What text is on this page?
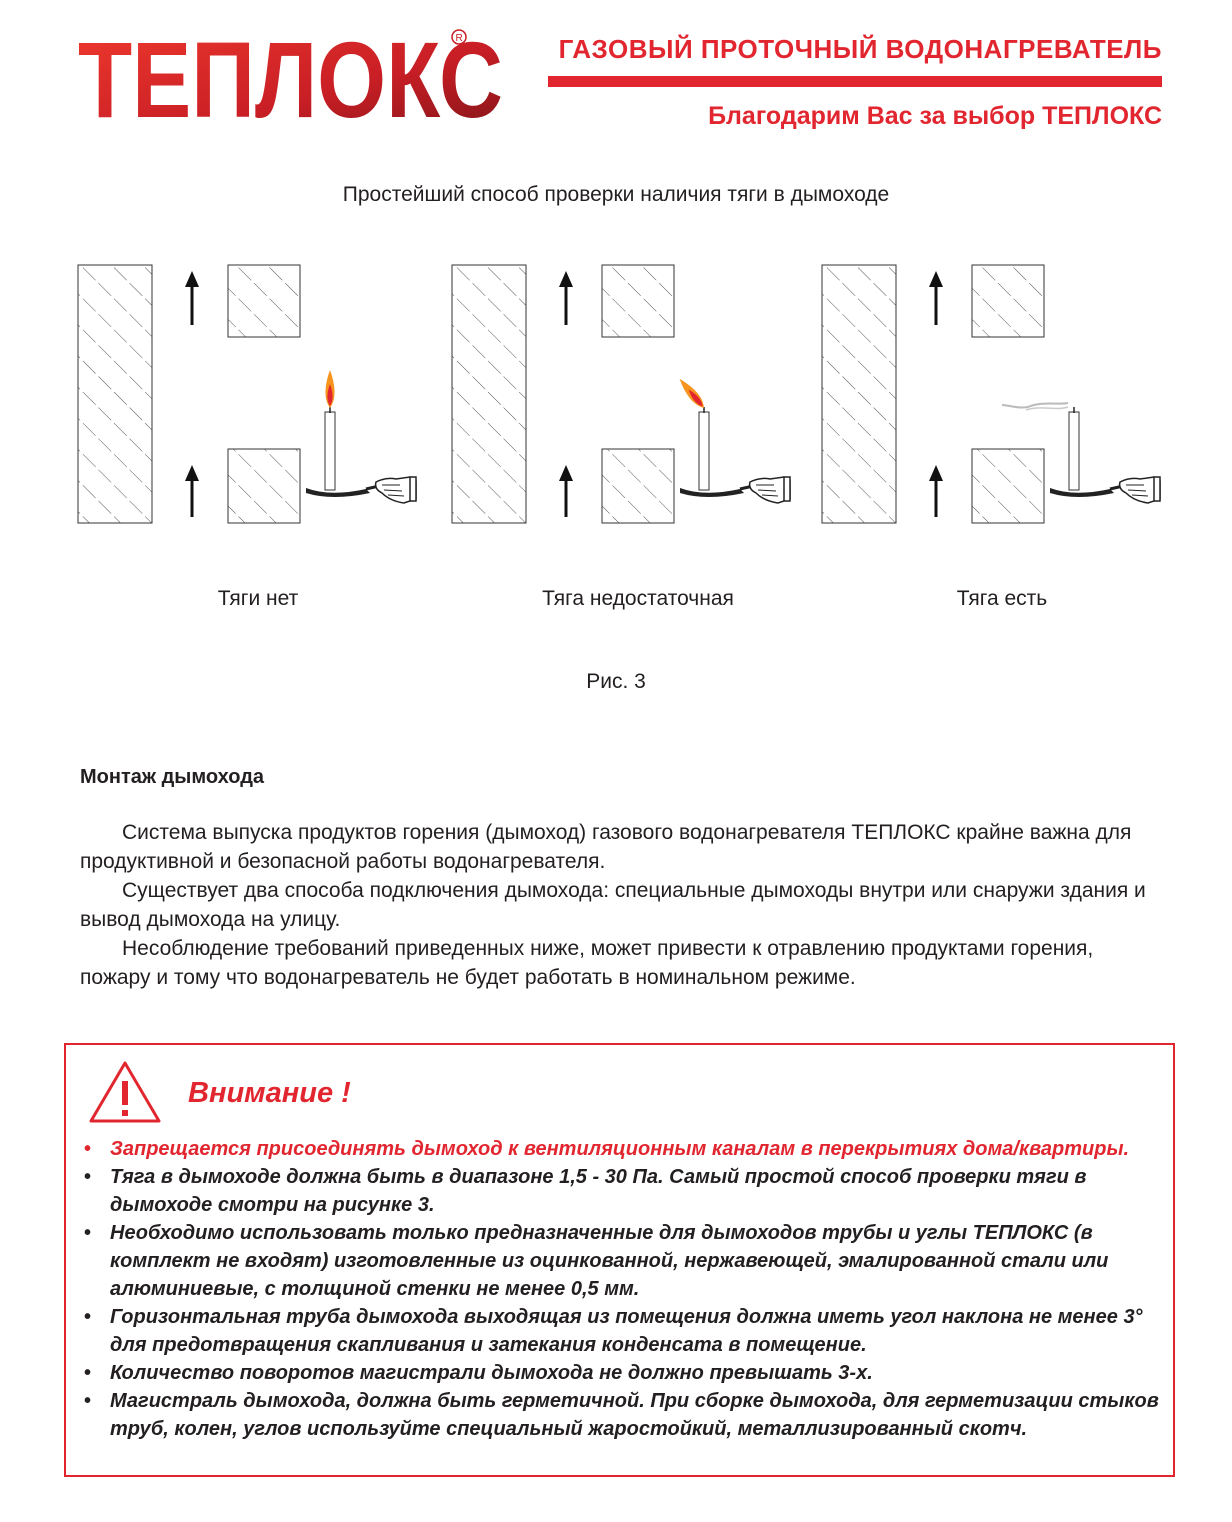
ТЕПЛОКС
R	ГАЗОВЫЙ ПРОТОЧНЫЙ ВОДОНАГРЕВАТЕЛЬ
Благодарим Вас за выбор ТЕПЛОКС
Простейший способ проверки наличия тяги в дымоходе
Тяги нет	Тяга недостаточная	Тяга есть
Рис. 3
Монтаж дымохода
Система выпуска продуктов горения (дымоход) газового водонагревателя ТЕПЛОКС крайне важна для продуктивной и безопасной работы водонагревателя.
Существует два способа подключения дымохода: специальные дымоходы внутри или снаружи здания и вывод дымохода на улицу.
Несоблюдение требований приведенных ниже, может привести к отравлению продуктами горения, пожару и тому что водонагреватель не будет работать в номинальном режиме.
Внимание !
• Запрещается присоединять дымоход к вентиляционным каналам в перекрытиях дома/квартиры.
• Тяга в дымоходе должна быть в диапазоне 1,5 - 30 Па. Самый простой способ проверки тяги в дымоходе смотри на рисунке 3.
• Необходимо использовать только предназначенные для дымоходов трубы и углы ТЕПЛОКС (в комплект не входят) изготовленные из оцинкованной, нержавеющей, эмалированной стали или алюминиевые, с толщиной стенки не менее 0,5 мм.
• Горизонтальная труба дымохода выходящая из помещения должна иметь угол наклона не менее 3° для предотвращения скапливания и затекания конденсата в помещение.
• Количество поворотов магистрали дымохода не должно превышать 3-х.
• Магистраль дымохода, должна быть герметичной. При сборке дымохода, для герметизации стыков труб, колен, углов используйте специальный жаростойкий, металлизированный скотч.
